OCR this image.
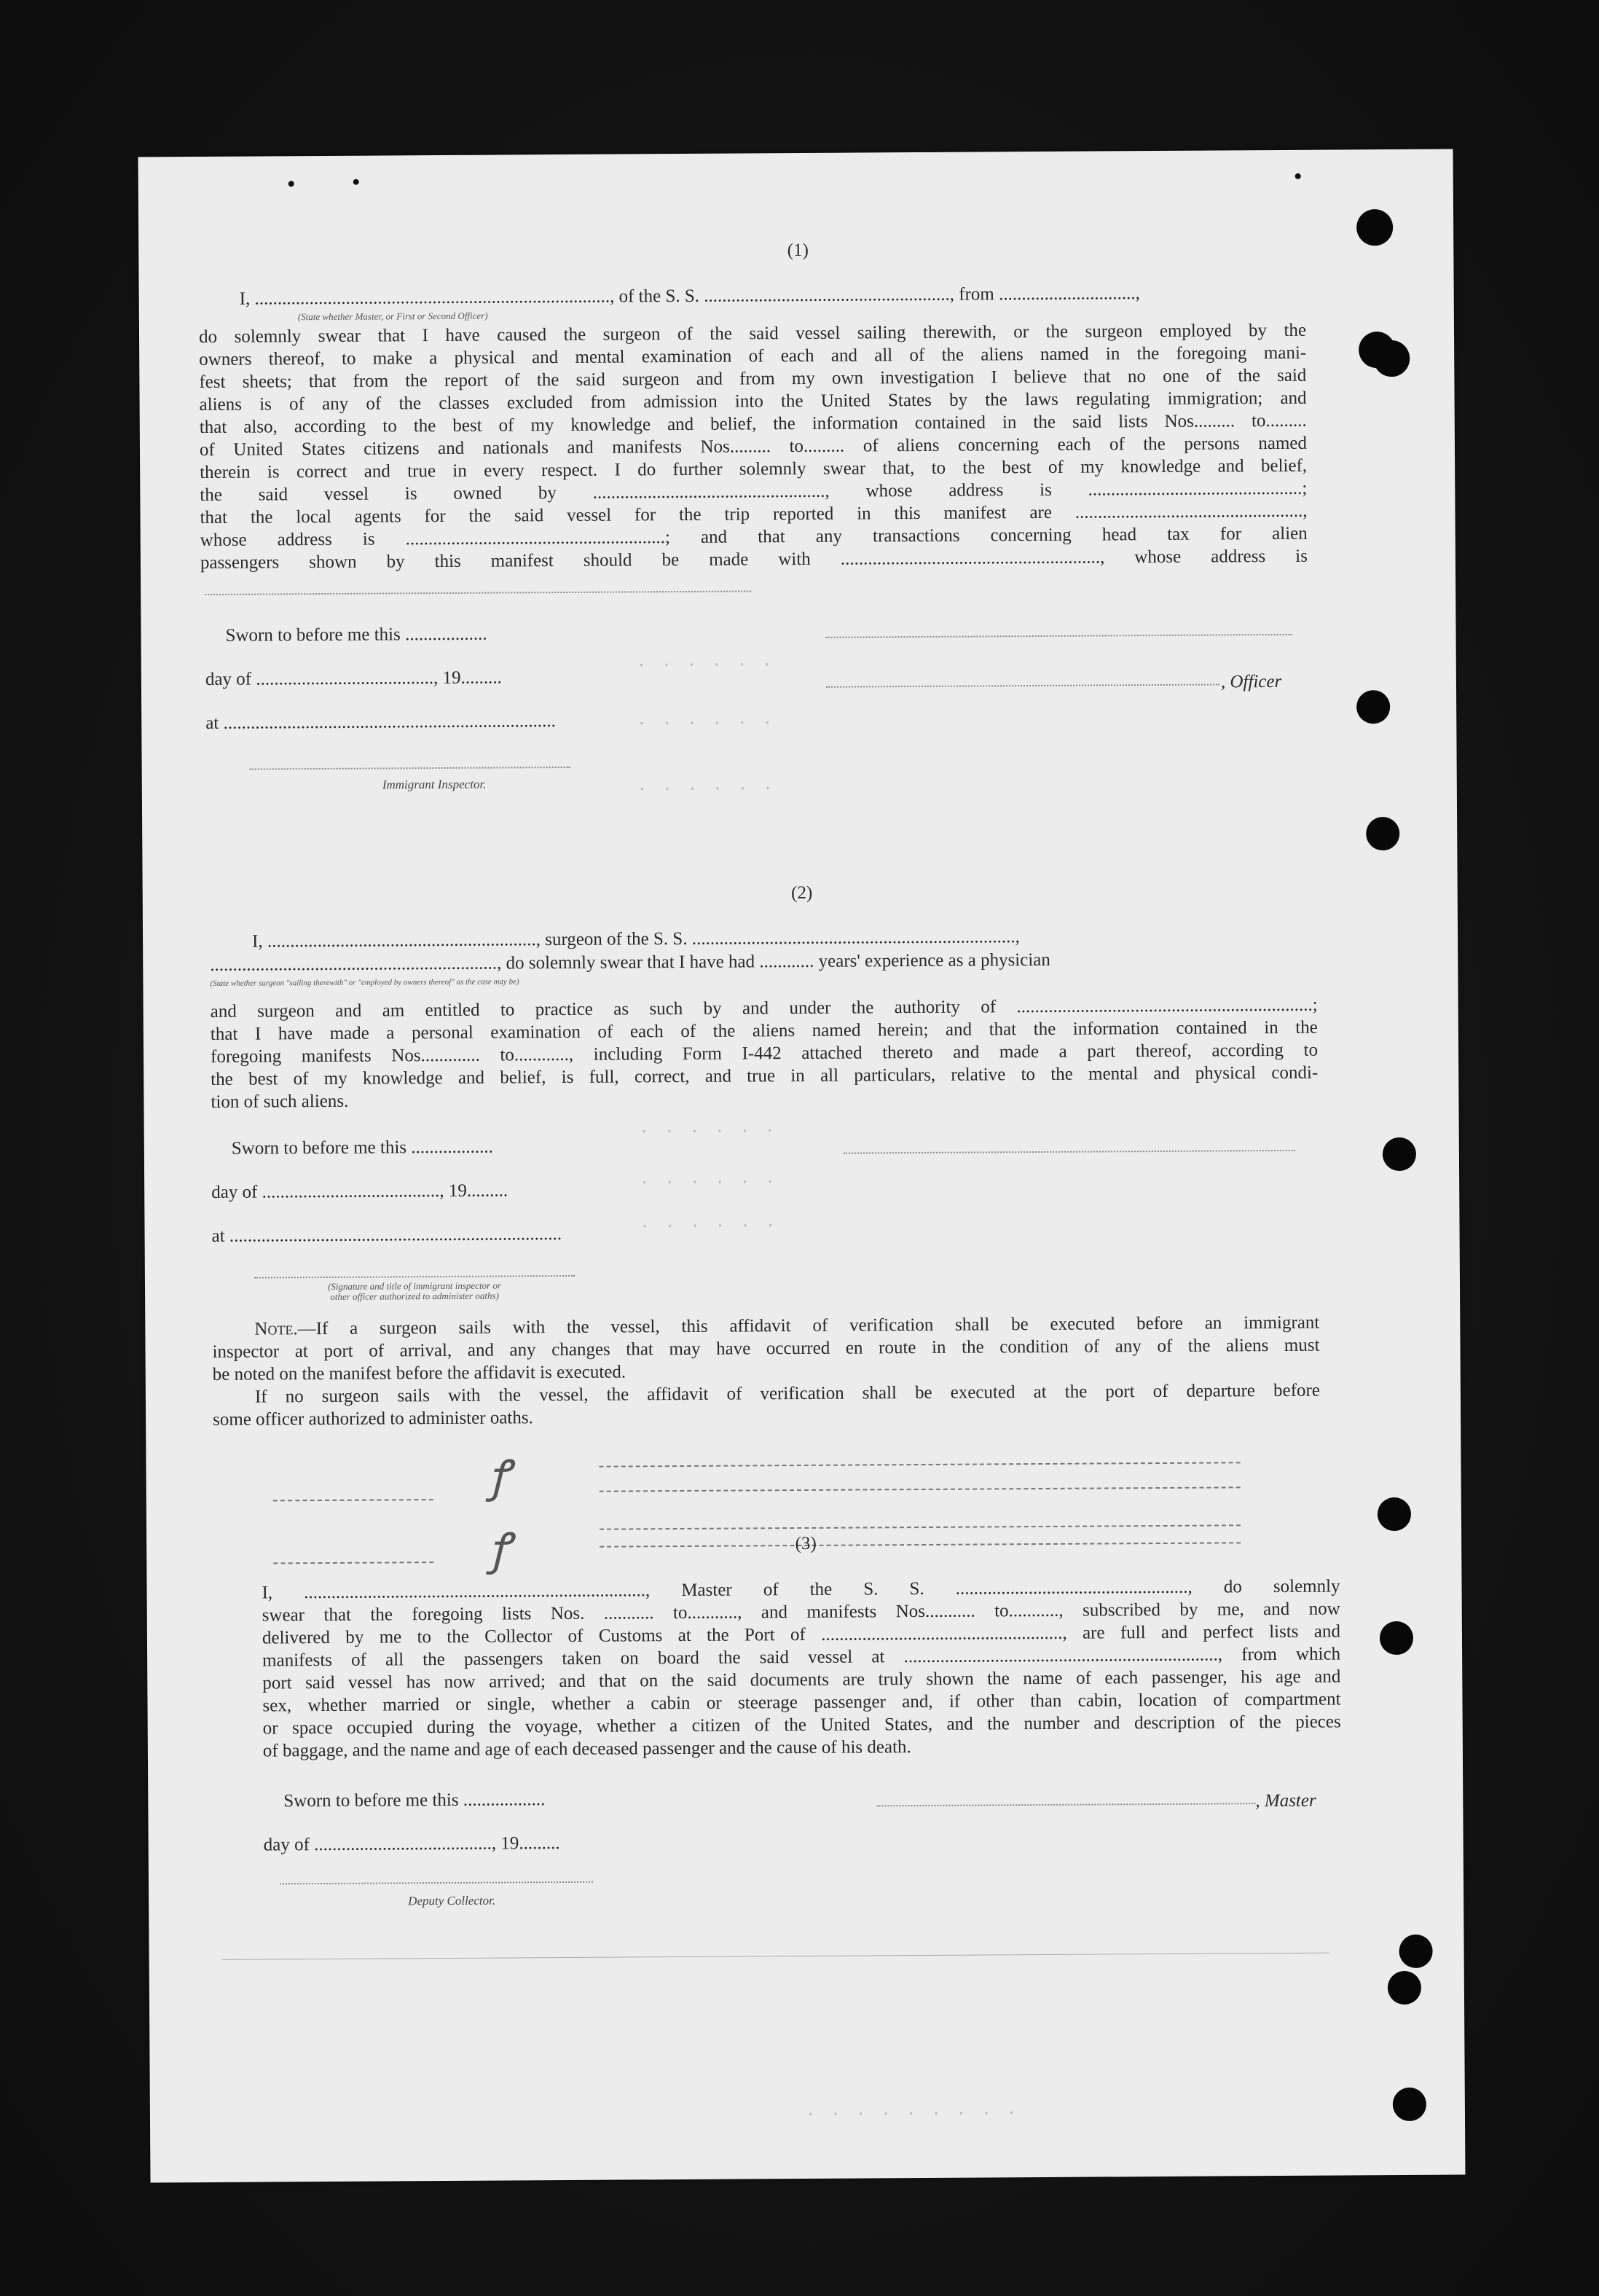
· · · · · ·
· · · · · ·
· · · · · ·
· · · · · ·
· · · · · ·
· · · · · ·
· · · · · · · · ·
(1)
I, .............................................................................., of the S. S. ......................................................, from ..............................,
(State whether Master, or First or Second Officer)
do solemnly swear that I have caused the surgeon of the said vessel sailing therewith, or the surgeon employed by the
owners thereof, to make a physical and mental examination of each and all of the aliens named in the foregoing mani-
fest sheets; that from the report of the said surgeon and from my own investigation I believe that no one of the said
aliens is of any of the classes excluded from admission into the United States by the laws regulating immigration; and
that also, according to the best of my knowledge and belief, the information contained in the said lists Nos......... to.........
of United States citizens and nationals and manifests Nos......... to......... of aliens concerning each of the persons named
therein is correct and true in every respect. I do further solemnly swear that, to the best of my knowledge and belief,
the said vessel is owned by ..................................................., whose address is ...............................................;
that the local agents for the said vessel for the trip reported in this manifest are ..................................................,
whose address is .........................................................; and that any transactions concerning head tax for alien
passengers shown by this manifest should be made with ........................................................., whose address is
Sworn to before me this ..................
day of ......................................., 19.........	, Officer
at .........................................................................
Immigrant Inspector.
(2)
I, ..........................................................., surgeon of the S. S. .......................................................................,
..............................................................., do solemnly swear that I have had ............ years' experience as a physician
(State whether surgeon "sailing therewith" or "employed by owners thereof" as the case may be)
and surgeon and am entitled to practice as such by and under the authority of .................................................................;
that I have made a personal examination of each of the aliens named herein; and that the information contained in the
foregoing manifests Nos............. to............, including Form I-442 attached thereto and made a part thereof, according to
the best of my knowledge and belief, is full, correct, and true in all particulars, relative to the mental and physical condi-
tion of such aliens.
Sworn to before me this ..................
day of ......................................., 19.........
at .........................................................................
(Signature and title of immigrant inspector or
other officer authorized to administer oaths)
Note.—If a surgeon sails with the vessel, this affidavit of verification shall be executed before an immigrant
inspector at port of arrival, and any changes that may have occurred en route in the condition of any of the aliens must
be noted on the manifest before the affidavit is executed.
If no surgeon sails with the vessel, the affidavit of verification shall be executed at the port of departure before
some officer authorized to administer oaths.
ꝭ
ꝭ	(3)
I, ..........................................................................., Master of the S. S. ..................................................., do solemnly
swear that the foregoing lists Nos. ........... to..........., and manifests Nos........... to..........., subscribed by me, and now
delivered by me to the Collector of Customs at the Port of ....................................................., are full and perfect lists and
manifests of all the passengers taken on board the said vessel at ....................................................................., from which
port said vessel has now arrived; and that on the said documents are truly shown the name of each passenger, his age and
sex, whether married or single, whether a cabin or steerage passenger and, if other than cabin, location of compartment
or space occupied during the voyage, whether a citizen of the United States, and the number and description of the pieces
of baggage, and the name and age of each deceased passenger and the cause of his death.
Sworn to before me this ..................	, Master
day of ......................................., 19.........
Deputy Collector.
